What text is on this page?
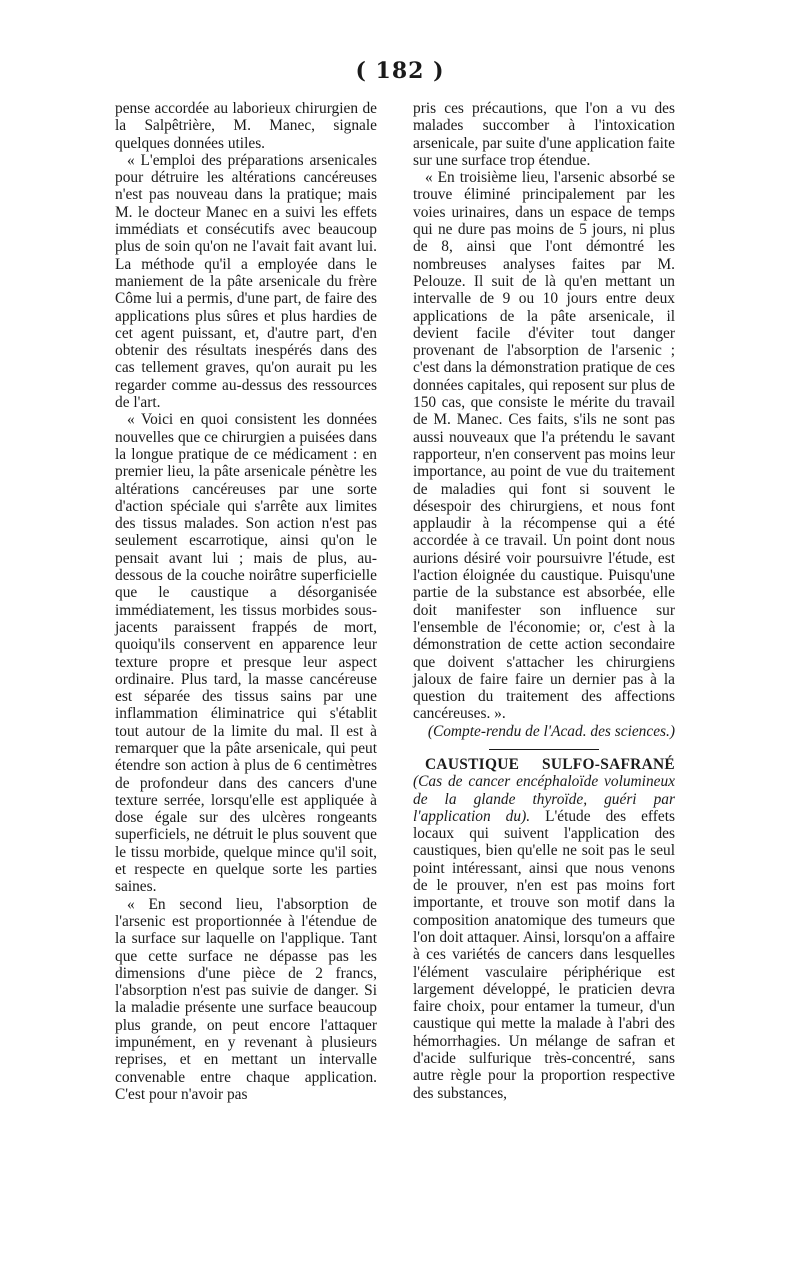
( 182 )

pense accordée au laborieux chirurgien de la Salpêtrière, M. Manec, signale quelques données utiles.

« L'emploi des préparations arsenicales pour détruire les altérations cancéreuses n'est pas nouveau dans la pratique; mais M. le docteur Manec en a suivi les effets immédiats et consécutifs avec beaucoup plus de soin qu'on ne l'avait fait avant lui. La méthode qu'il a employée dans le maniement de la pâte arsenicale du frère Côme lui a permis, d'une part, de faire des applications plus sûres et plus hardies de cet agent puissant, et, d'autre part, d'en obtenir des résultats inespérés dans des cas tellement graves, qu'on aurait pu les regarder comme au-dessus des ressources de l'art.

« Voici en quoi consistent les données nouvelles que ce chirurgien a puisées dans la longue pratique de ce médicament : en premier lieu, la pâte arsenicale pénètre les altérations cancéreuses par une sorte d'action spéciale qui s'arrête aux limites des tissus malades. Son action n'est pas seulement escarrotique, ainsi qu'on le pensait avant lui ; mais de plus, au-dessous de la couche noirâtre superficielle que le caustique a désorganisée immédiatement, les tissus morbides sous-jacents paraissent frappés de mort, quoiqu'ils conservent en apparence leur texture propre et presque leur aspect ordinaire. Plus tard, la masse cancéreuse est séparée des tissus sains par une inflammation éliminatrice qui s'établit tout autour de la limite du mal. Il est à remarquer que la pâte arsenicale, qui peut étendre son action à plus de 6 centimètres de profondeur dans des cancers d'une texture serrée, lorsqu'elle est appliquée à dose égale sur des ulcères rongeants superficiels, ne détruit le plus souvent que le tissu morbide, quelque mince qu'il soit, et respecte en quelque sorte les parties saines.

« En second lieu, l'absorption de l'arsenic est proportionnée à l'étendue de la surface sur laquelle on l'applique. Tant que cette surface ne dépasse pas les dimensions d'une pièce de 2 francs, l'absorption n'est pas suivie de danger. Si la maladie présente une surface beaucoup plus grande, on peut encore l'attaquer impunément, en y revenant à plusieurs reprises, et en mettant un intervalle convenable entre chaque application. C'est pour n'avoir pas

pris ces précautions, que l'on a vu des malades succomber à l'intoxication arsenicale, par suite d'une application faite sur une surface trop étendue.

« En troisième lieu, l'arsenic absorbé se trouve éliminé principalement par les voies urinaires, dans un espace de temps qui ne dure pas moins de 5 jours, ni plus de 8, ainsi que l'ont démontré les nombreuses analyses faites par M. Pelouze. Il suit de là qu'en mettant un intervalle de 9 ou 10 jours entre deux applications de la pâte arsenicale, il devient facile d'éviter tout danger provenant de l'absorption de l'arsenic ; c'est dans la démonstration pratique de ces données capitales, qui reposent sur plus de 150 cas, que consiste le mérite du travail de M. Manec. Ces faits, s'ils ne sont pas aussi nouveaux que l'a prétendu le savant rapporteur, n'en conservent pas moins leur importance, au point de vue du traitement de maladies qui font si souvent le désespoir des chirurgiens, et nous font applaudir à la récompense qui a été accordée à ce travail. Un point dont nous aurions désiré voir poursuivre l'étude, est l'action éloignée du caustique. Puisqu'une partie de la substance est absorbée, elle doit manifester son influence sur l'ensemble de l'économie; or, c'est à la démonstration de cette action secondaire que doivent s'attacher les chirurgiens jaloux de faire faire un dernier pas à la question du traitement des affections cancéreuses. ».

(Compte-rendu de l'Acad. des sciences.)

CAUSTIQUE SULFO-SAFRANÉ (Cas de cancer encéphaloïde volumineux de la glande thyroïde, guéri par l'application du). L'étude des effets locaux qui suivent l'application des caustiques, bien qu'elle ne soit pas le seul point intéressant, ainsi que nous venons de le prouver, n'en est pas moins fort importante, et trouve son motif dans la composition anatomique des tumeurs que l'on doit attaquer. Ainsi, lorsqu'on a affaire à ces variétés de cancers dans lesquelles l'élément vasculaire périphérique est largement développé, le praticien devra faire choix, pour entamer la tumeur, d'un caustique qui mette la malade à l'abri des hémorrhagies. Un mélange de safran et d'acide sulfurique très-concentré, sans autre règle pour la proportion respective des substances,
